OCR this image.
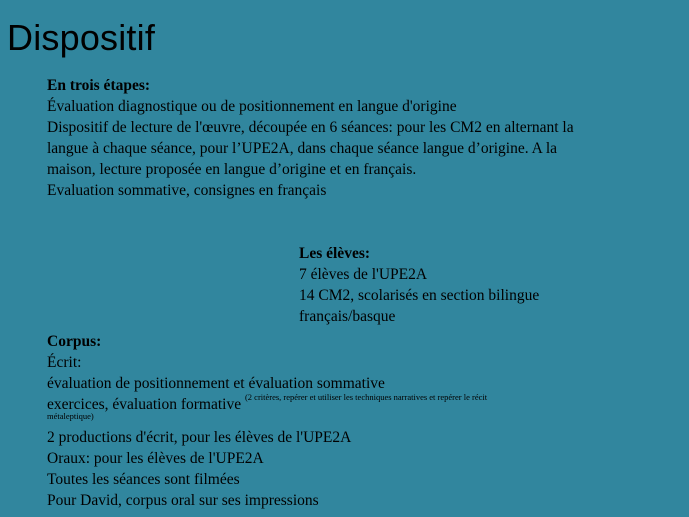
Dispositif
En trois étapes:
Évaluation diagnostique ou de positionnement en langue d'origine
Dispositif de lecture de l'œuvre, découpée en 6 séances: pour les CM2 en alternant la
langue à chaque séance, pour l’UPE2A, dans chaque séance langue d’origine. A la
maison, lecture proposée en langue d’origine et en français.
Evaluation sommative, consignes en français
Les élèves:
7 élèves de l'UPE2A
14 CM2, scolarisés en section bilingue
français/basque
Corpus:
Écrit:
évaluation de positionnement et évaluation sommative
exercices, évaluation formative $^{(2 critères, repérer et utiliser les techniques narratives et repérer le récit}$
métaleptique)
2 productions d'écrit, pour les élèves de l'UPE2A
Oraux: pour les élèves de l'UPE2A
Toutes les séances sont filmées
Pour David, corpus oral sur ses impressions
